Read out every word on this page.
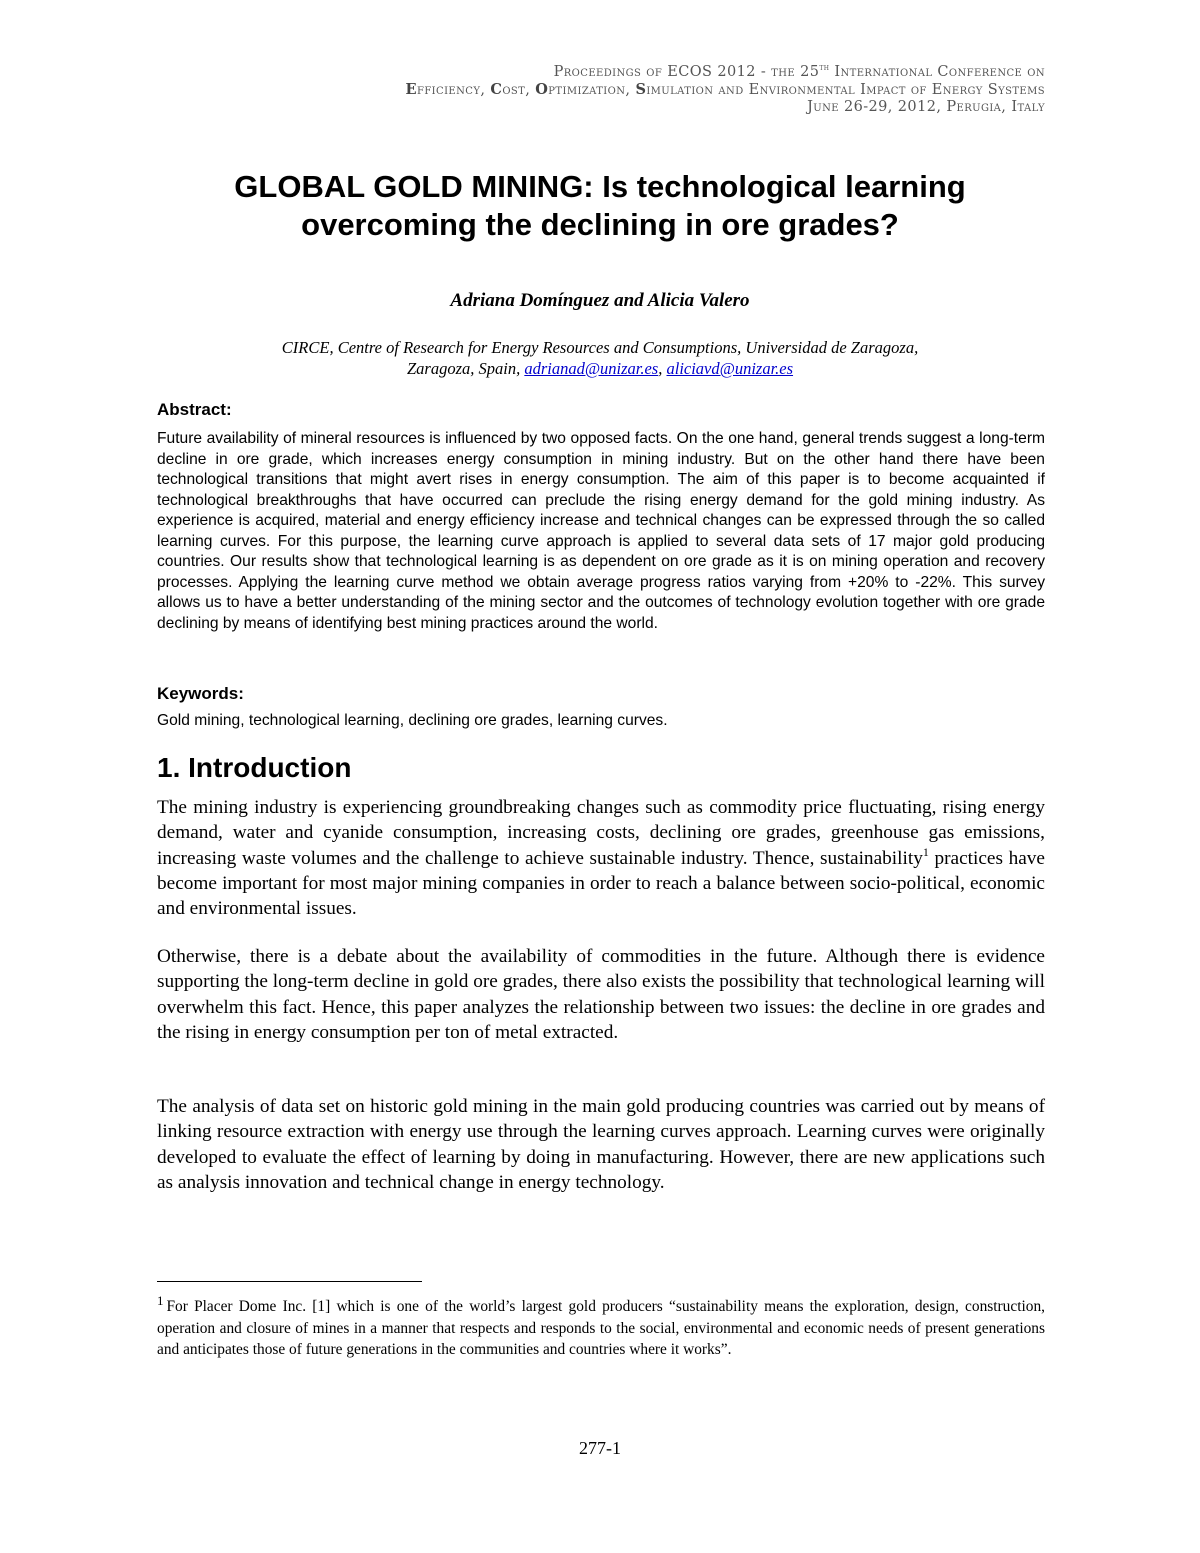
Proceedings of ECOS 2012 - the 25th International Conference on
Efficiency, Cost, Optimization, Simulation and Environmental Impact of Energy Systems
June 26-29, 2012, Perugia, Italy
GLOBAL GOLD MINING: Is technological learning
overcoming the declining in ore grades?
Adriana Domínguez and Alicia Valero
CIRCE, Centre of Research for Energy Resources and Consumptions, Universidad de Zaragoza,
Zaragoza, Spain, adrianad@unizar.es, aliciavd@unizar.es
Abstract:
Future availability of mineral resources is influenced by two opposed facts. On the one hand, general trends suggest a long-term decline in ore grade, which increases energy consumption in mining industry. But on the other hand there have been technological transitions that might avert rises in energy consumption. The aim of this paper is to become acquainted if technological breakthroughs that have occurred can preclude the rising energy demand for the gold mining industry. As experience is acquired, material and energy efficiency increase and technical changes can be expressed through the so called learning curves. For this purpose, the learning curve approach is applied to several data sets of 17 major gold producing countries. Our results show that technological learning is as dependent on ore grade as it is on mining operation and recovery processes. Applying the learning curve method we obtain average progress ratios varying from +20% to -22%. This survey allows us to have a better understanding of the mining sector and the outcomes of technology evolution together with ore grade declining by means of identifying best mining practices around the world.
Keywords:
Gold mining, technological learning, declining ore grades, learning curves.
1. Introduction
The mining industry is experiencing groundbreaking changes such as commodity price fluctuating, rising energy demand, water and cyanide consumption, increasing costs, declining ore grades, greenhouse gas emissions, increasing waste volumes and the challenge to achieve sustainable industry. Thence, sustainability$^1$ practices have become important for most major mining companies in order to reach a balance between socio-political, economic and environmental issues.
Otherwise, there is a debate about the availability of commodities in the future. Although there is evidence supporting the long-term decline in gold ore grades, there also exists the possibility that technological learning will overwhelm this fact. Hence, this paper analyzes the relationship between two issues: the decline in ore grades and the rising in energy consumption per ton of metal extracted.
The analysis of data set on historic gold mining in the main gold producing countries was carried out by means of linking resource extraction with energy use through the learning curves approach. Learning curves were originally developed to evaluate the effect of learning by doing in manufacturing. However, there are new applications such as analysis innovation and technical change in energy technology.
$^1$ For Placer Dome Inc. [1] which is one of the world’s largest gold producers “sustainability means the exploration, design, construction, operation and closure of mines in a manner that respects and responds to the social, environmental and economic needs of present generations and anticipates those of future generations in the communities and countries where it works”.
277-1
